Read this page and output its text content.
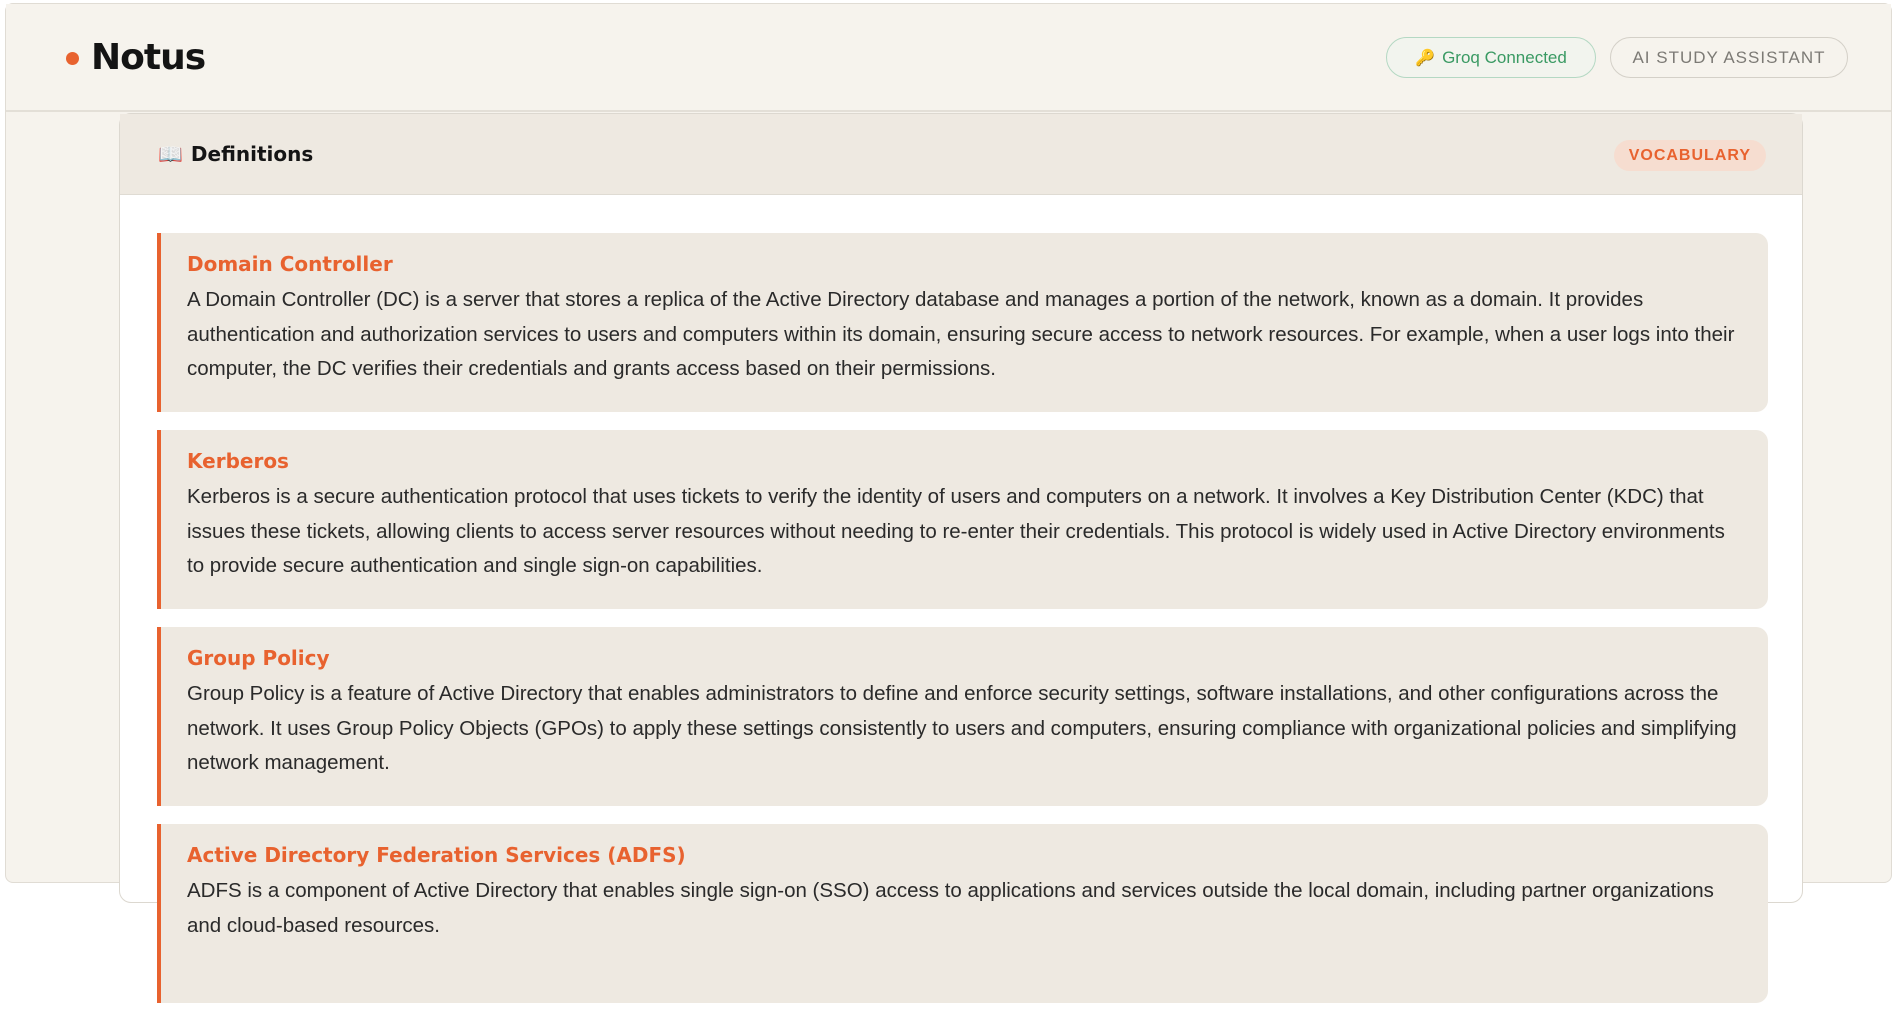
Notus	🔑 Groq Connected	AI STUDY ASSISTANT
📖 Definitions	VOCABULARY
Domain Controller
A Domain Controller (DC) is a server that stores a replica of the Active Directory database and manages a portion of the network, known as a domain. It provides authentication and authorization services to users and computers within its domain, ensuring secure access to network resources. For example, when a user logs into their computer, the DC verifies their credentials and grants access based on their permissions.
Kerberos
Kerberos is a secure authentication protocol that uses tickets to verify the identity of users and computers on a network. It involves a Key Distribution Center (KDC) that issues these tickets, allowing clients to access server resources without needing to re-enter their credentials. This protocol is widely used in Active Directory environments to provide secure authentication and single sign-on capabilities.
Group Policy
Group Policy is a feature of Active Directory that enables administrators to define and enforce security settings, software installations, and other configurations across the network. It uses Group Policy Objects (GPOs) to apply these settings consistently to users and computers, ensuring compliance with organizational policies and simplifying network management.
Active Directory Federation Services (ADFS)
ADFS is a component of Active Directory that enables single sign-on (SSO) access to applications and services outside the local domain, including partner organizations and cloud-based resources.
